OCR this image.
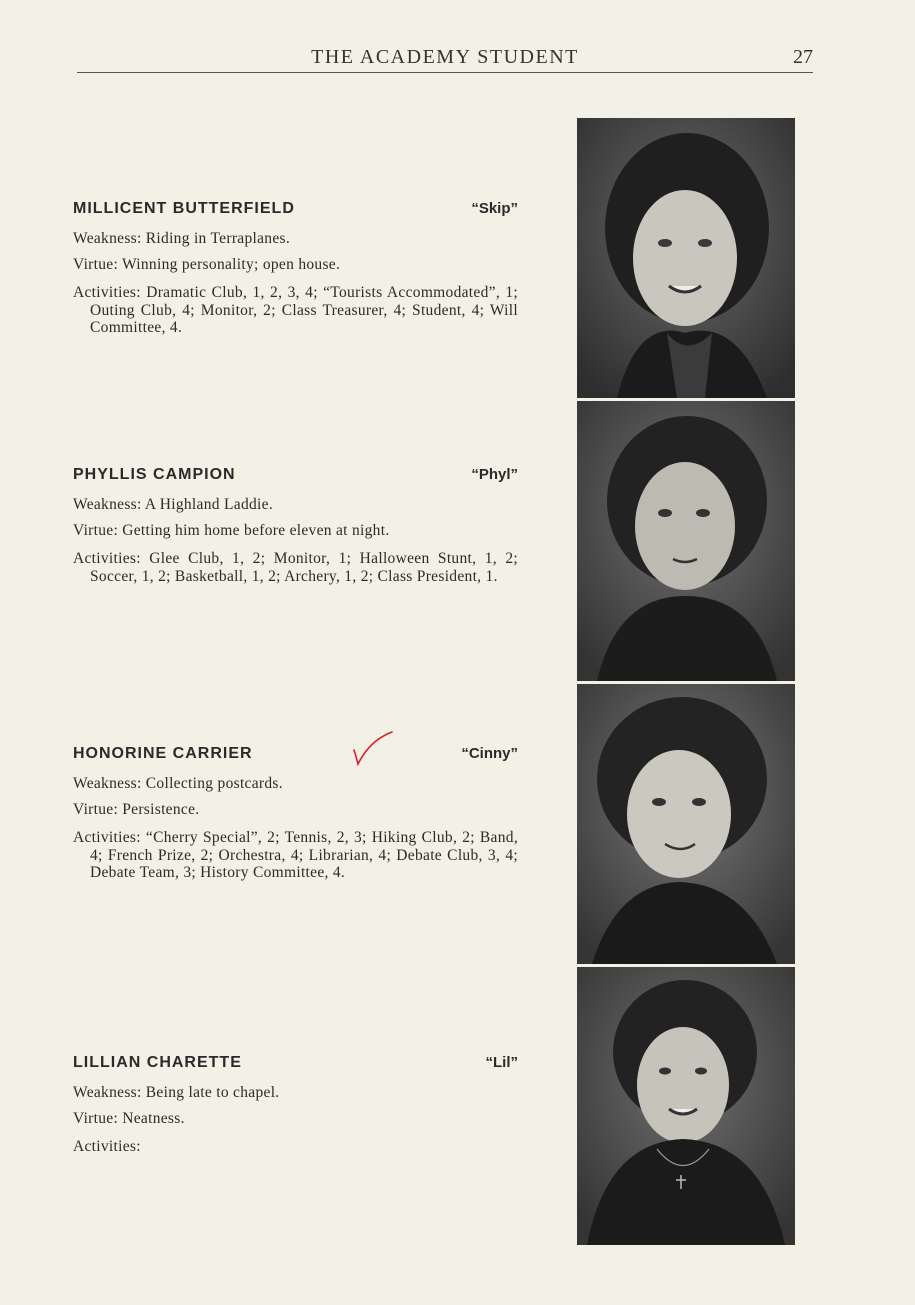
THE ACADEMY STUDENT	27
MILLICENT BUTTERFIELD	“Skip”
Weakness: Riding in Terraplanes.
Virtue: Winning personality; open house.
Activities: Dramatic Club, 1, 2, 3, 4; “Tourists Accommodated”, 1; Outing Club, 4; Monitor, 2; Class Treasurer, 4; Student, 4; Will Committee, 4.
PHYLLIS CAMPION	“Phyl”
Weakness: A Highland Laddie.
Virtue: Getting him home before eleven at night.
Activities: Glee Club, 1, 2; Monitor, 1; Halloween Stunt, 1, 2; Soccer, 1, 2; Basketball, 1, 2; Archery, 1, 2; Class President, 1.
HONORINE CARRIER	“Cinny”
Weakness: Collecting postcards.
Virtue: Persistence.
Activities: “Cherry Special”, 2; Tennis, 2, 3; Hiking Club, 2; Band, 4; French Prize, 2; Orchestra, 4; Librarian, 4; Debate Club, 3, 4; Debate Team, 3; History Committee, 4.
LILLIAN CHARETTE	“Lil”
Weakness: Being late to chapel.
Virtue: Neatness.
Activities:
